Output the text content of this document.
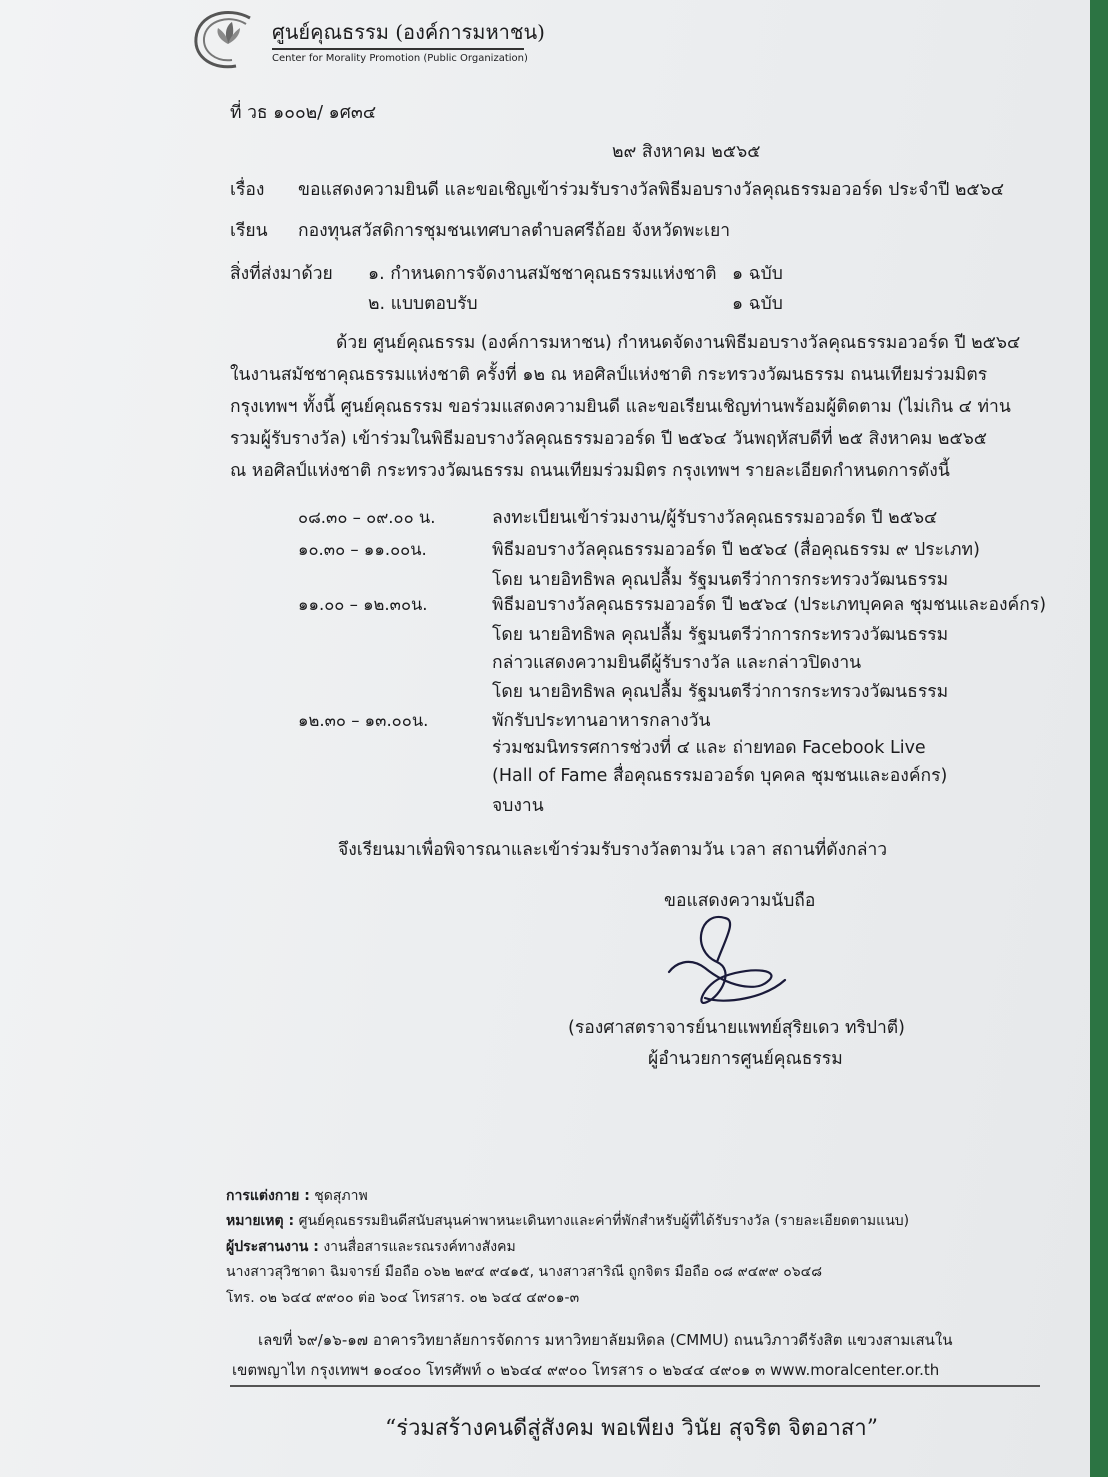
ศูนย์คุณธรรม (องค์การมหาชน)
Center for Morality Promotion (Public Organization)
ที่ วธ ๑๐๐๒/ ๑ศ๓๔
๒๙ สิงหาคม ๒๕๖๕
เรื่อง ขอแสดงความยินดี และขอเชิญเข้าร่วมรับรางวัลพิธีมอบรางวัลคุณธรรมอวอร์ด ประจำปี ๒๕๖๔
เรียน กองทุนสวัสดิการชุมชนเทศบาลตำบลศรีถ้อย จังหวัดพะเยา
สิ่งที่ส่งมาด้วย ๑. กำหนดการจัดงานสมัชชาคุณธรรมแห่งชาติ ๑ ฉบับ
๒. แบบตอบรับ	๑ ฉบับ
ด้วย ศูนย์คุณธรรม (องค์การมหาชน) กำหนดจัดงานพิธีมอบรางวัลคุณธรรมอวอร์ด ปี ๒๕๖๔
ในงานสมัชชาคุณธรรมแห่งชาติ ครั้งที่ ๑๒ ณ หอศิลป์แห่งชาติ กระทรวงวัฒนธรรม ถนนเทียมร่วมมิตร
กรุงเทพฯ ทั้งนี้ ศูนย์คุณธรรม ขอร่วมแสดงความยินดี และขอเรียนเชิญท่านพร้อมผู้ติดตาม (ไม่เกิน ๔ ท่าน
รวมผู้รับรางวัล) เข้าร่วมในพิธีมอบรางวัลคุณธรรมอวอร์ด ปี ๒๕๖๔ วันพฤหัสบดีที่ ๒๕ สิงหาคม ๒๕๖๕
ณ หอศิลป์แห่งชาติ กระทรวงวัฒนธรรม ถนนเทียมร่วมมิตร กรุงเทพฯ รายละเอียดกำหนดการดังนี้
๐๘.๓๐ – ๐๙.๐๐ น.	ลงทะเบียนเข้าร่วมงาน/ผู้รับรางวัลคุณธรรมอวอร์ด ปี ๒๕๖๔
๑๐.๓๐ – ๑๑.๐๐น.	พิธีมอบรางวัลคุณธรรมอวอร์ด ปี ๒๕๖๔ (สื่อคุณธรรม ๙ ประเภท)
โดย นายอิทธิพล คุณปลื้ม รัฐมนตรีว่าการกระทรวงวัฒนธรรม
๑๑.๐๐ – ๑๒.๓๐น.	พิธีมอบรางวัลคุณธรรมอวอร์ด ปี ๒๕๖๔ (ประเภทบุคคล ชุมชนและองค์กร)
โดย นายอิทธิพล คุณปลื้ม รัฐมนตรีว่าการกระทรวงวัฒนธรรม
กล่าวแสดงความยินดีผู้รับรางวัล และกล่าวปิดงาน
โดย นายอิทธิพล คุณปลื้ม รัฐมนตรีว่าการกระทรวงวัฒนธรรม
๑๒.๓๐ – ๑๓.๐๐น.	พักรับประทานอาหารกลางวัน
ร่วมชมนิทรรศการช่วงที่ ๔ และ ถ่ายทอด Facebook Live
(Hall of Fame สื่อคุณธรรมอวอร์ด บุคคล ชุมชนและองค์กร)
จบงาน
จึงเรียนมาเพื่อพิจารณาและเข้าร่วมรับรางวัลตามวัน เวลา สถานที่ดังกล่าว
ขอแสดงความนับถือ
(รองศาสตราจารย์นายแพทย์สุริยเดว ทริปาตี)
ผู้อำนวยการศูนย์คุณธรรม
การแต่งกาย : ชุดสุภาพ
หมายเหตุ : ศูนย์คุณธรรมยินดีสนับสนุนค่าพาหนะเดินทางและค่าที่พักสำหรับผู้ที่ได้รับรางวัล (รายละเอียดตามแนบ)
ผู้ประสานงาน : งานสื่อสารและรณรงค์ทางสังคม
นางสาวสุวิชาดา ฉิมจารย์ มือถือ ๐๖๒ ๒๙๔ ๙๔๑๕, นางสาวสาริณี ถูกจิตร มือถือ ๐๘ ๙๔๙๙ ๐๖๔๘
โทร. ๐๒ ๖๔๔ ๙๙๐๐ ต่อ ๖๐๔ โทรสาร. ๐๒ ๖๔๔ ๔๙๐๑-๓
เลขที่ ๖๙/๑๖-๑๗ อาคารวิทยาลัยการจัดการ มหาวิทยาลัยมหิดล (CMMU) ถนนวิภาวดีรังสิต แขวงสามเสนใน
เขตพญาไท กรุงเทพฯ ๑๐๔๐๐ โทรศัพท์ ๐ ๒๖๔๔ ๙๙๐๐ โทรสาร ๐ ๒๖๔๔ ๔๙๐๑ ๓ www.moralcenter.or.th
“ร่วมสร้างคนดีสู่สังคม พอเพียง วินัย สุจริต จิตอาสา”
